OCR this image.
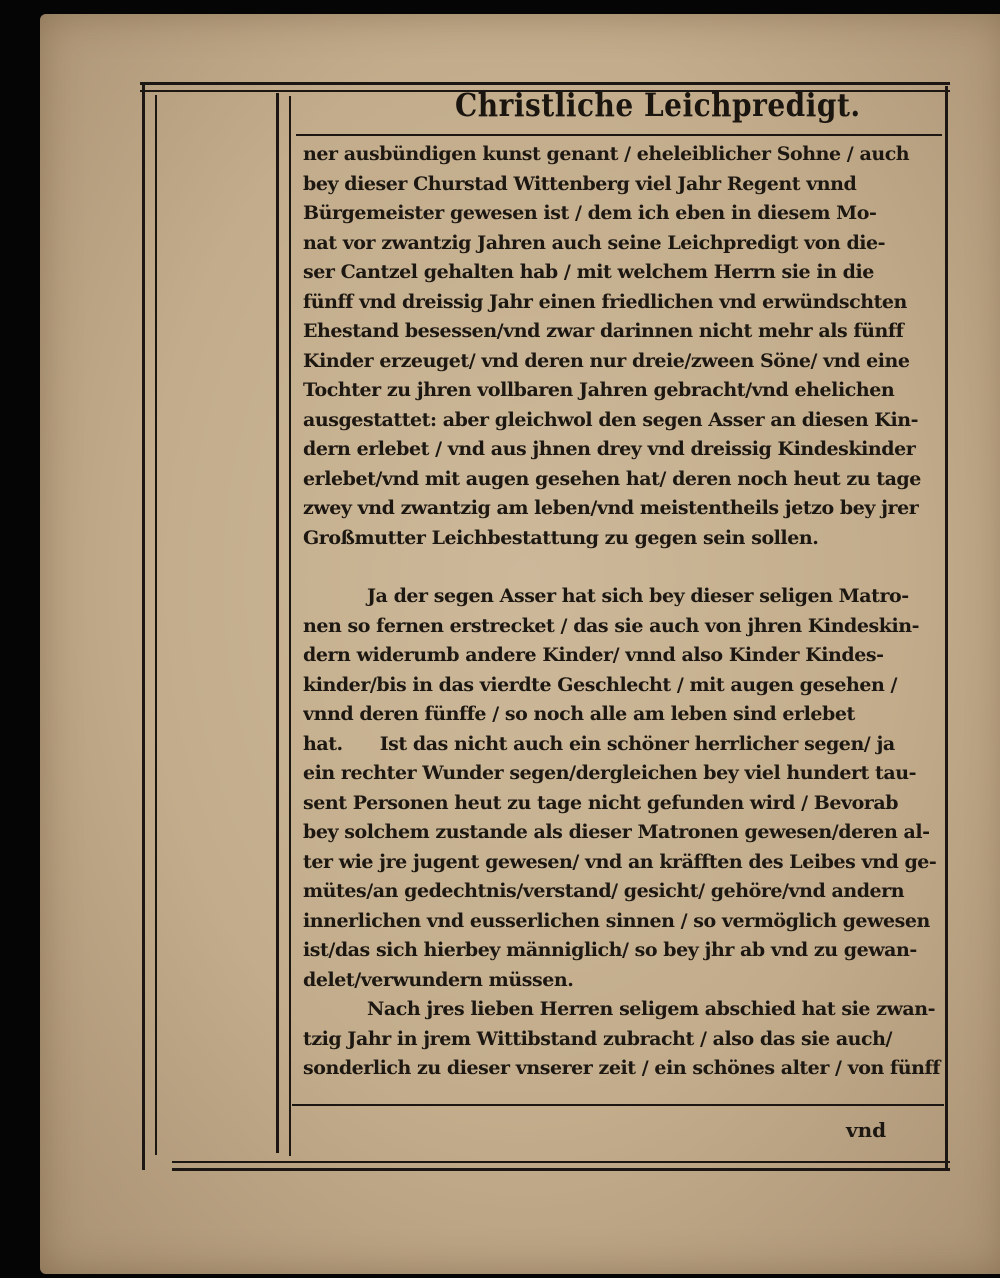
Christliche Leichpredigt.
ner ausbündigen kunst genant / eheleiblicher Sohne / auch
bey dieser Churstad Wittenberg viel Jahr Regent vnnd
Bürgemeister gewesen ist / dem ich eben in diesem Mo-
nat vor zwantzig Jahren auch seine Leichpredigt von die-
ser Cantzel gehalten hab / mit welchem Herrn sie in die
fünff vnd dreissig Jahr einen friedlichen vnd erwündschten
Ehestand besessen/vnd zwar darinnen nicht mehr als fünff
Kinder erzeuget/ vnd deren nur dreie/zween Söne/ vnd eine
Tochter zu jhren vollbaren Jahren gebracht/vnd ehelichen
ausgestattet: aber gleichwol den segen Asser an diesen Kin-
dern erlebet / vnd aus jhnen drey vnd dreissig Kindeskinder
erlebet/vnd mit augen gesehen hat/ deren noch heut zu tage
zwey vnd zwantzig am leben/vnd meistentheils jetzo bey jrer
Großmutter Leichbestattung zu gegen sein sollen.
Ja der segen Asser hat sich bey dieser seligen Matro-
nen so fernen erstrecket / das sie auch von jhren Kindeskin-
dern widerumb andere Kinder/ vnnd also Kinder Kindes-
kinder/bis in das vierdte Geschlecht / mit augen gesehen /
vnnd deren fünffe / so noch alle am leben sind erlebet
hat.      Ist das nicht auch ein schöner herrlicher segen/ ja
ein rechter Wunder segen/dergleichen bey viel hundert tau-
sent Personen heut zu tage nicht gefunden wird / Bevorab
bey solchem zustande als dieser Matronen gewesen/deren al-
ter wie jre jugent gewesen/ vnd an kräfften des Leibes vnd ge-
mütes/an gedechtnis/verstand/ gesicht/ gehöre/vnd andern
innerlichen vnd eusserlichen sinnen / so vermöglich gewesen
ist/das sich hierbey männiglich/ so bey jhr ab vnd zu gewan-
delet/verwundern müssen.
Nach jres lieben Herren seligem abschied hat sie zwan-
tzig Jahr in jrem Wittibstand zubracht / also das sie auch/
sonderlich zu dieser vnserer zeit / ein schönes alter / von fünff
vnd
